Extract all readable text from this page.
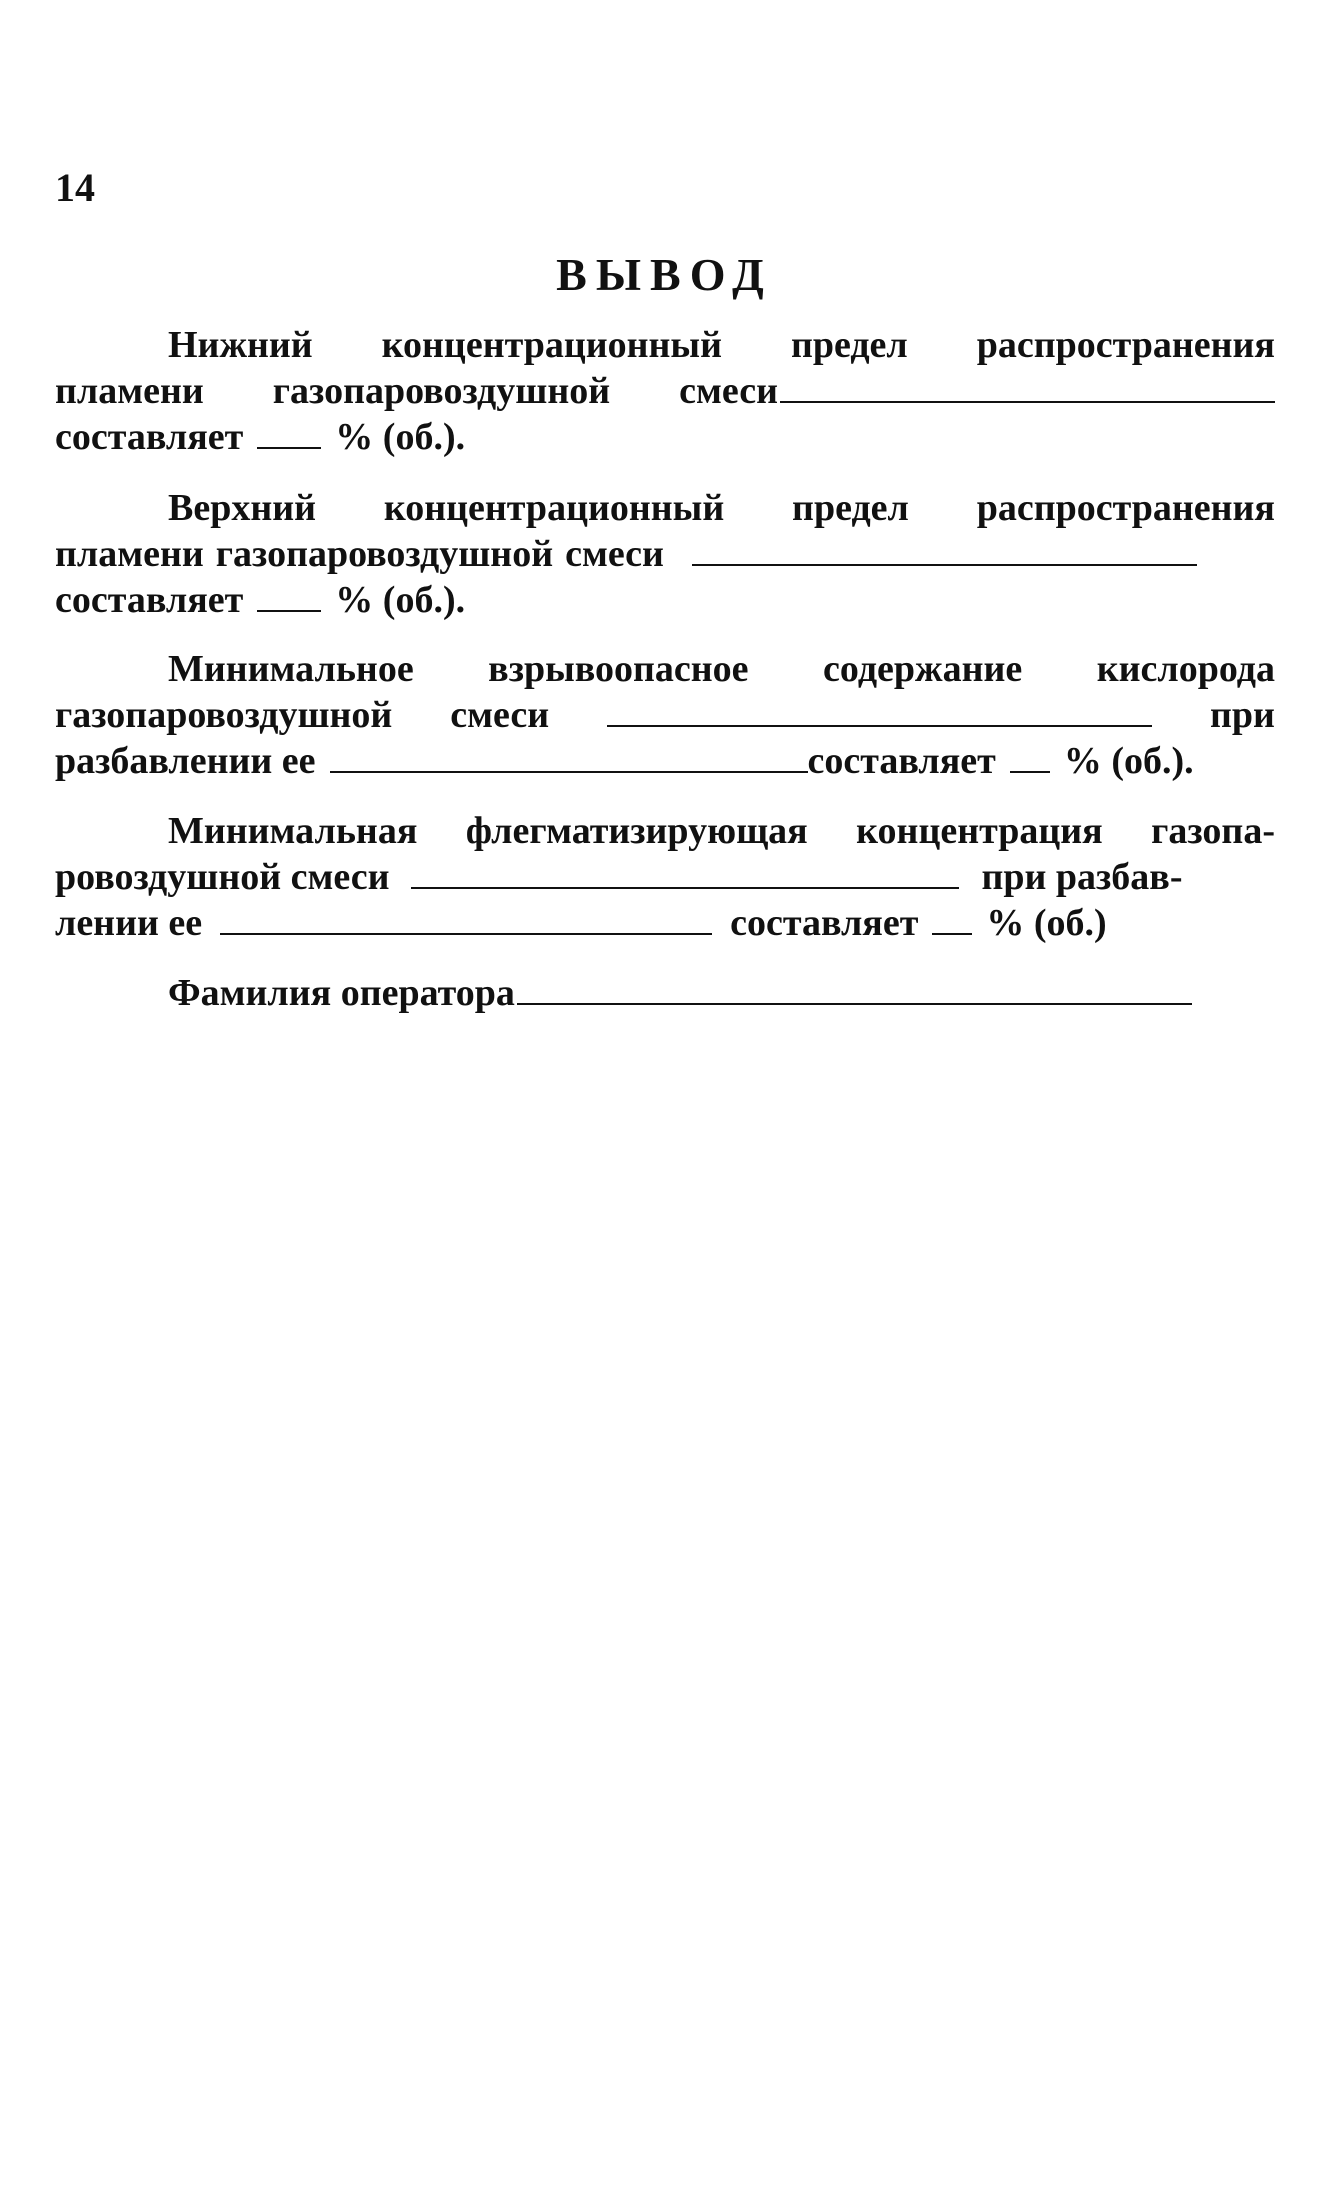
14
ВЫВОД
Нижний концентрационный предел распространения
пламени газопаровоздушной смеси
составляет % (об.).
Верхний концентрационный предел распространения
пламени газопаровоздушной смеси
составляет % (об.).
Минимальное взрывоопасное содержание кислорода
газопаровоздушной смеси	при
разбавлении ее	составляет % (об.).
Минимальная флегматизирующая концентрация газопа-
ровоздушной смеси	при разбав-
лении ее	составляет % (об.)
Фамилия оператора
